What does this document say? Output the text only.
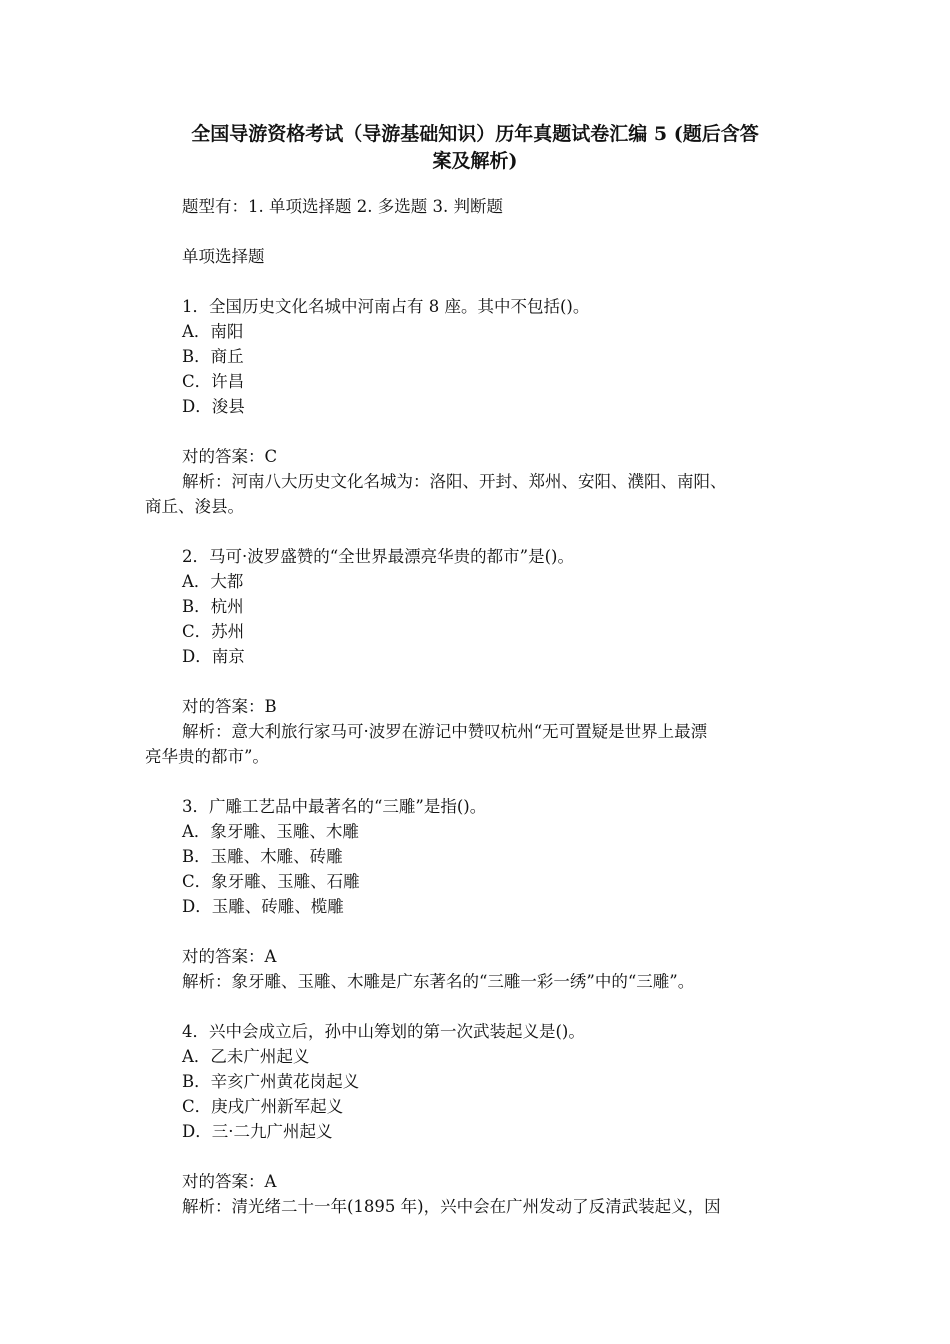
全国导游资格考试（导游基础知识）历年真题试卷汇编 5 (题后含答
案及解析)

题型有：1. 单项选择题 2. 多选题 3. 判断题

单项选择题

1．全国历史文化名城中河南占有 8 座。其中不包括()。

A．南阳

B．商丘

C．许昌

D．浚县

对的答案：C

解析：河南八大历史文化名城为：洛阳、开封、郑州、安阳、濮阳、南阳、

商丘、浚县。

2．马可·波罗盛赞的“全世界最漂亮华贵的都市”是()。

A．大都

B．杭州

C．苏州

D．南京

对的答案：B

解析：意大利旅行家马可·波罗在游记中赞叹杭州“无可置疑是世界上最漂

亮华贵的都市”。

3．广雕工艺品中最著名的“三雕”是指()。

A．象牙雕、玉雕、木雕

B．玉雕、木雕、砖雕

C．象牙雕、玉雕、石雕

D．玉雕、砖雕、榄雕

对的答案：A

解析：象牙雕、玉雕、木雕是广东著名的“三雕一彩一绣”中的“三雕”。

4．兴中会成立后，孙中山筹划的第一次武装起义是()。

A．乙未广州起义

B．辛亥广州黄花岗起义

C．庚戌广州新军起义

D．三·二九广州起义

对的答案：A

解析：清光绪二十一年(1895 年)，兴中会在广州发动了反清武装起义，因
